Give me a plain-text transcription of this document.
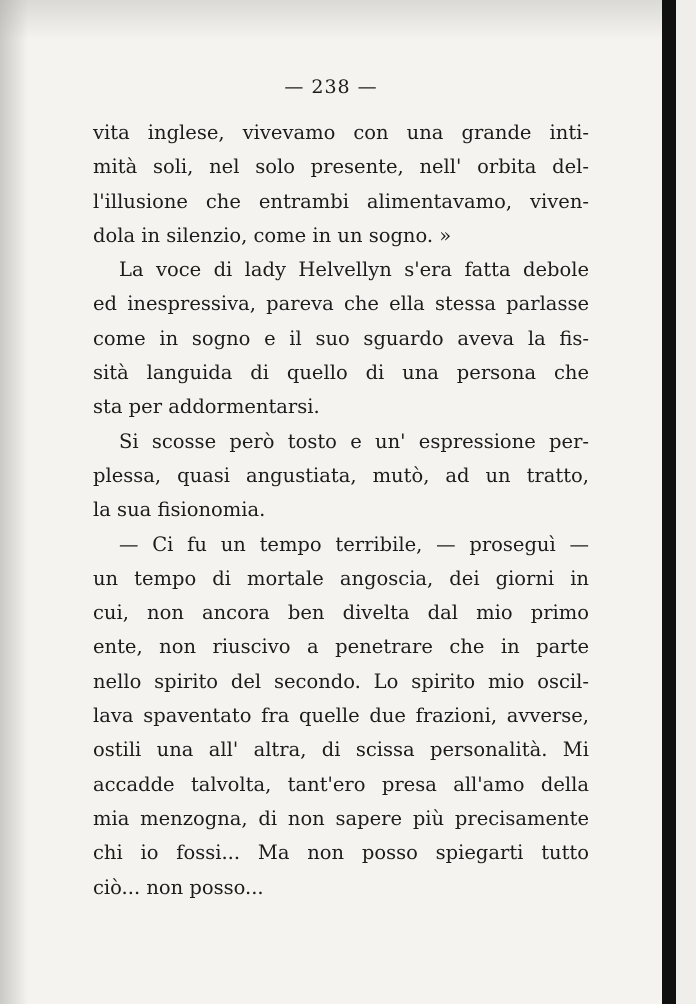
— 238 —
vita inglese, vivevamo con una grande inti-
mità soli, nel solo presente, nell' orbita del-
l'illusione che entrambi alimentavamo, viven-
dola in silenzio, come in un sogno. »
La voce di lady Helvellyn s'era fatta debole
ed inespressiva, pareva che ella stessa parlasse
come in sogno e il suo sguardo aveva la fis-
sità languida di quello di una persona che
sta per addormentarsi.
Si scosse però tosto e un' espressione per-
plessa, quasi angustiata, mutò, ad un tratto,
la sua fisionomia.
— Ci fu un tempo terribile, — proseguì —
un tempo di mortale angoscia, dei giorni in
cui, non ancora ben divelta dal mio primo
ente, non riuscivo a penetrare che in parte
nello spirito del secondo. Lo spirito mio oscil-
lava spaventato fra quelle due frazioni, avverse,
ostili una all' altra, di scissa personalità. Mi
accadde talvolta, tant'ero presa all'amo della
mia menzogna, di non sapere più precisamente
chi io fossi... Ma non posso spiegarti tutto
ciò... non posso...
